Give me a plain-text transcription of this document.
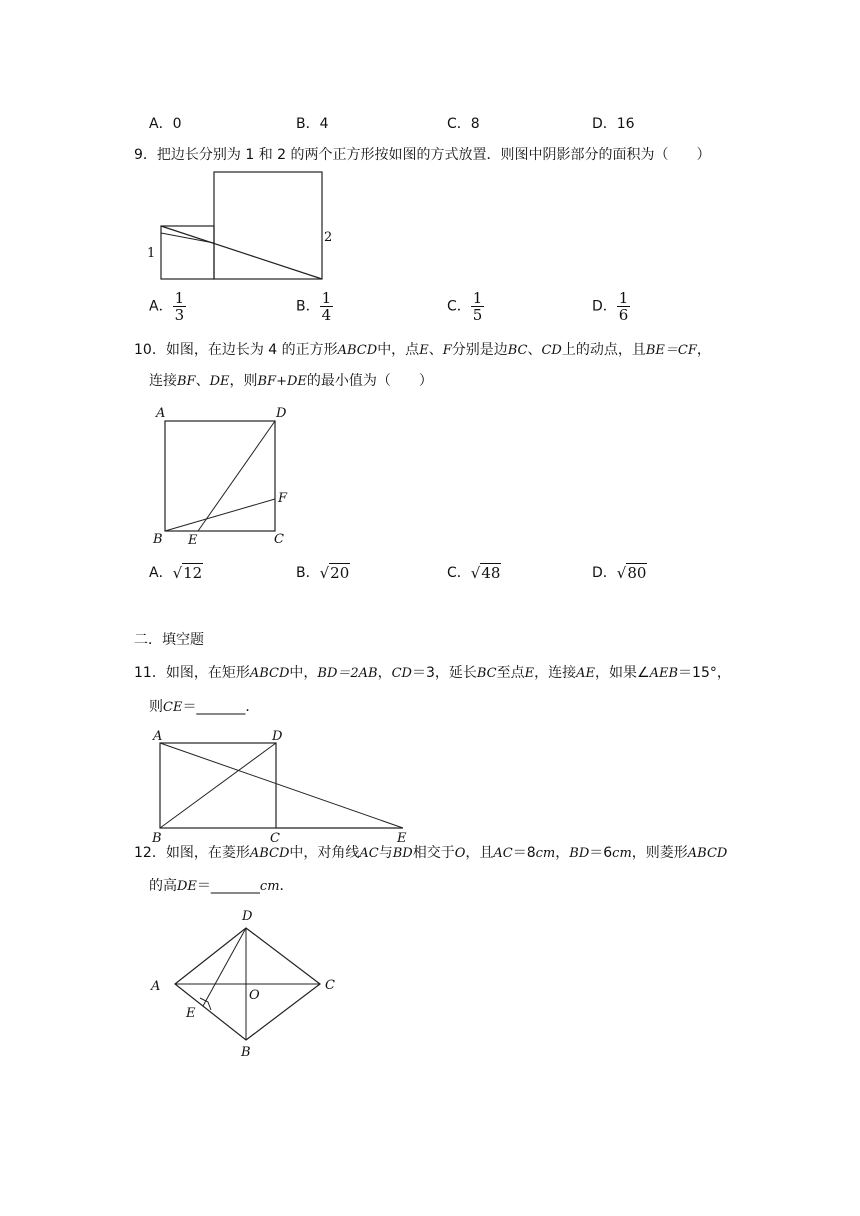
A．0	B．4	C．8	D．16
9．把边长分别为 1 和 2 的两个正方形按如图的方式放置．则图中阴影部分的面积为（　　）
1
2
A． $\frac{1}{3}$	B． $\frac{1}{4}$	C． $\frac{1}{5}$	D． $\frac{1}{6}$
10．如图，在边长为 4 的正方形ABCD中，点E、F分别是边BC、CD上的动点，且BE＝CF，
连接BF、DE，则BF+DE的最小值为（　　）
A	D
F
B E	C
A．√12	B．√20	C．√48	D．√80
二．填空题
11．如图，在矩形ABCD中，BD＝2AB，CD＝3，延长BC至点E，连接AE，如果∠AEB＝15°，
则CE＝_______．
A	D
B	C	E
12．如图，在菱形ABCD中，对角线AC与BD相交于O，且AC＝8cm，BD＝6cm，则菱形ABCD
的高DE＝_______cm．
D
A
O
C
E
B
